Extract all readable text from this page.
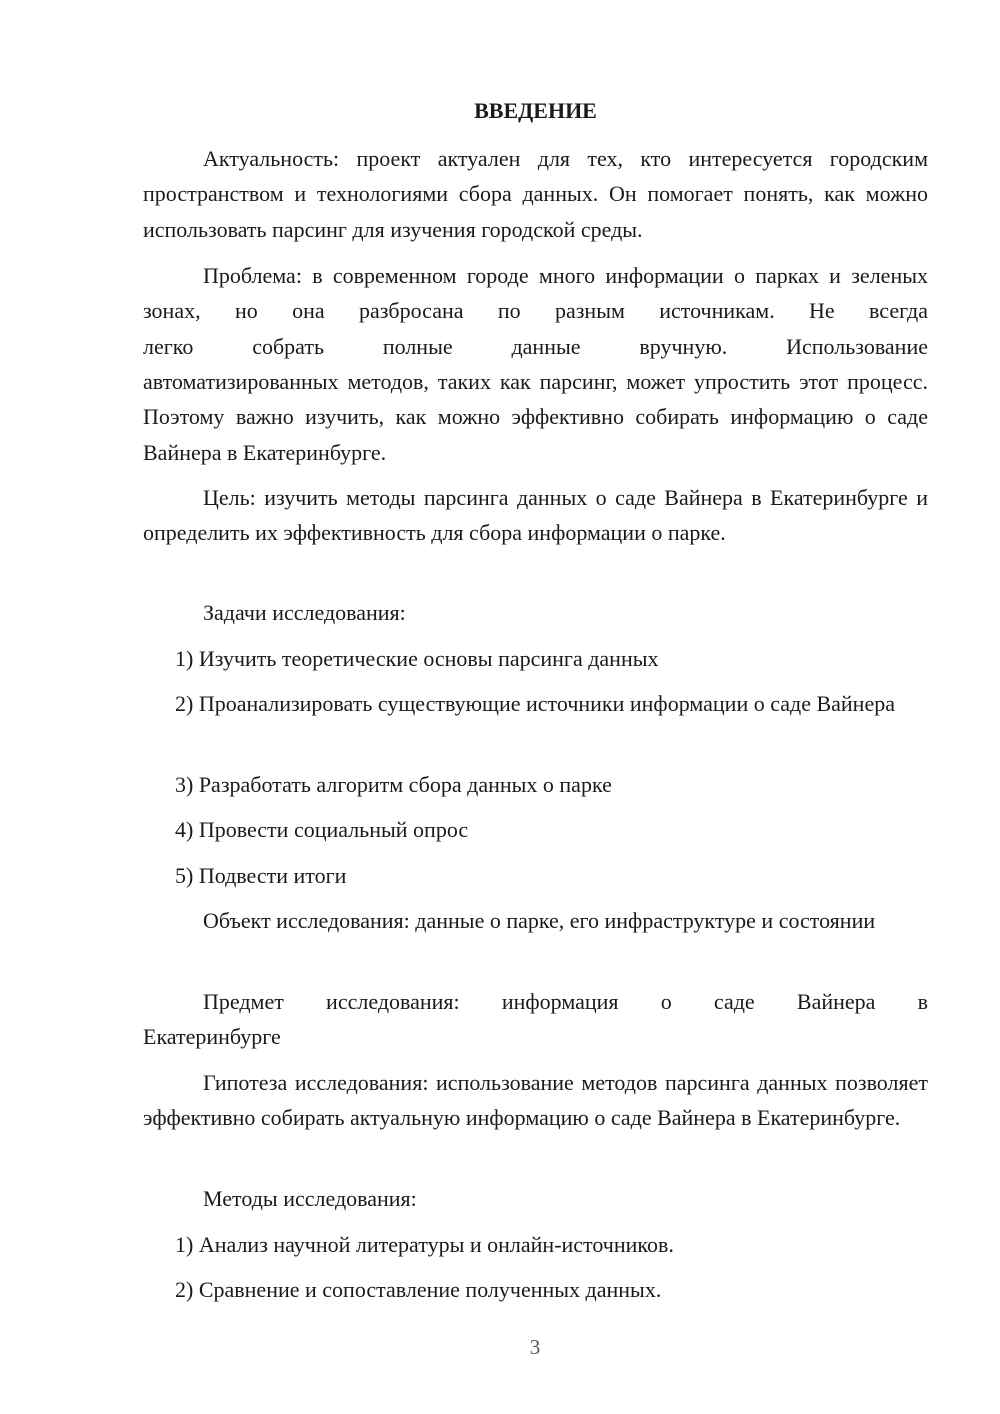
ВВЕДЕНИЕ

Актуальность: проект актуален для тех, кто интересуется городским пространством и технологиями сбора данных. Он помогает понять, как можно использовать парсинг для изучения городской среды.

Проблема: в современном городе много информации о парках и зеленых зонах, но она разбросана по разным источникам. Не всегда

легко собрать полные данные вручную. Использование

автоматизированных методов, таких как парсинг, может упростить этот процесс. Поэтому важно изучить, как можно эффективно собирать информацию о саде Вайнера в Екатеринбурге.

Цель: изучить методы парсинга данных о саде Вайнера в Екатеринбурге и определить их эффективность для сбора информации о парке.

Задачи исследования:

1) Изучить теоретические основы парсинга данных

2) Проанализировать существующие источники информации о саде Вайнера

3) Разработать алгоритм сбора данных о парке

4) Провести социальный опрос

5) Подвести итоги

Объект исследования: данные о парке, его инфраструктуре и состоянии

Предмет исследования: информация о саде Вайнера в

Екатеринбурге

Гипотеза исследования: использование методов парсинга данных позволяет эффективно собирать актуальную информацию о саде Вайнера в Екатеринбурге.

Методы исследования:

1) Анализ научной литературы и онлайн-источников.

2) Сравнение и сопоставление полученных данных.

3
